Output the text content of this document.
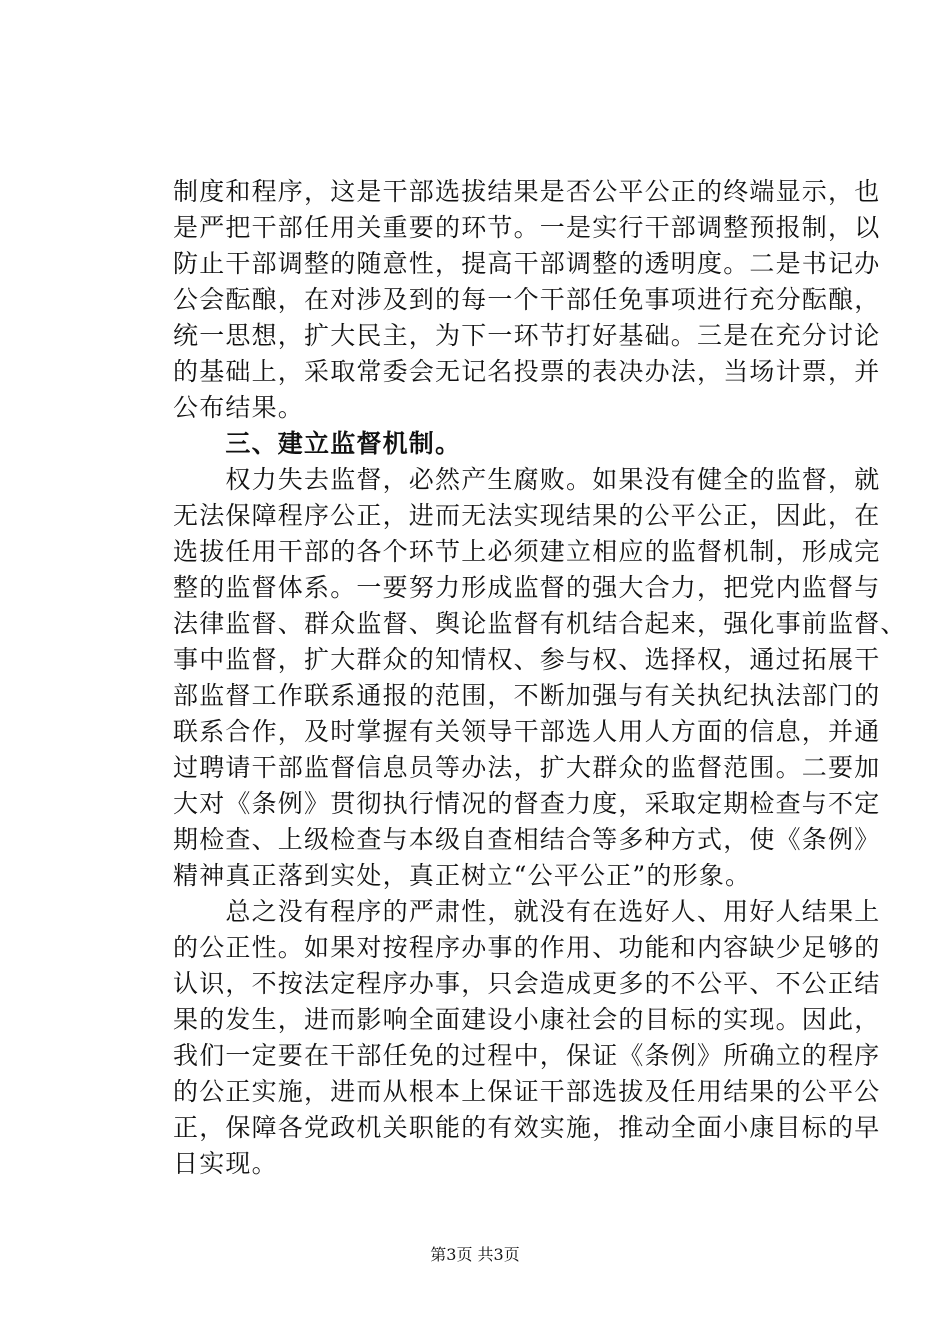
制度和程序，这是干部选拔结果是否公平公正的终端显示，也
是严把干部任用关重要的环节。一是实行干部调整预报制，以
防止干部调整的随意性，提高干部调整的透明度。二是书记办
公会酝酿，在对涉及到的每一个干部任免事项进行充分酝酿，
统一思想，扩大民主，为下一环节打好基础。三是在充分讨论
的基础上，采取常委会无记名投票的表决办法，当场计票，并
公布结果。
　　三、建立监督机制。
　　权力失去监督，必然产生腐败。如果没有健全的监督，就
无法保障程序公正，进而无法实现结果的公平公正，因此，在
选拔任用干部的各个环节上必须建立相应的监督机制，形成完
整的监督体系。一要努力形成监督的强大合力，把党内监督与
法律监督、群众监督、舆论监督有机结合起来，强化事前监督、
事中监督，扩大群众的知情权、参与权、选择权，通过拓展干
部监督工作联系通报的范围，不断加强与有关执纪执法部门的
联系合作，及时掌握有关领导干部选人用人方面的信息，并通
过聘请干部监督信息员等办法，扩大群众的监督范围。二要加
大对《条例》贯彻执行情况的督查力度，采取定期检查与不定
期检查、上级检查与本级自查相结合等多种方式，使《条例》
精神真正落到实处，真正树立“公平公正”的形象。
　　总之没有程序的严肃性，就没有在选好人、用好人结果上
的公正性。如果对按程序办事的作用、功能和内容缺少足够的
认识，不按法定程序办事，只会造成更多的不公平、不公正结
果的发生，进而影响全面建设小康社会的目标的实现。因此，
我们一定要在干部任免的过程中，保证《条例》所确立的程序
的公正实施，进而从根本上保证干部选拔及任用结果的公平公
正，保障各党政机关职能的有效实施，推动全面小康目标的早
日实现。
第3页 共3页
